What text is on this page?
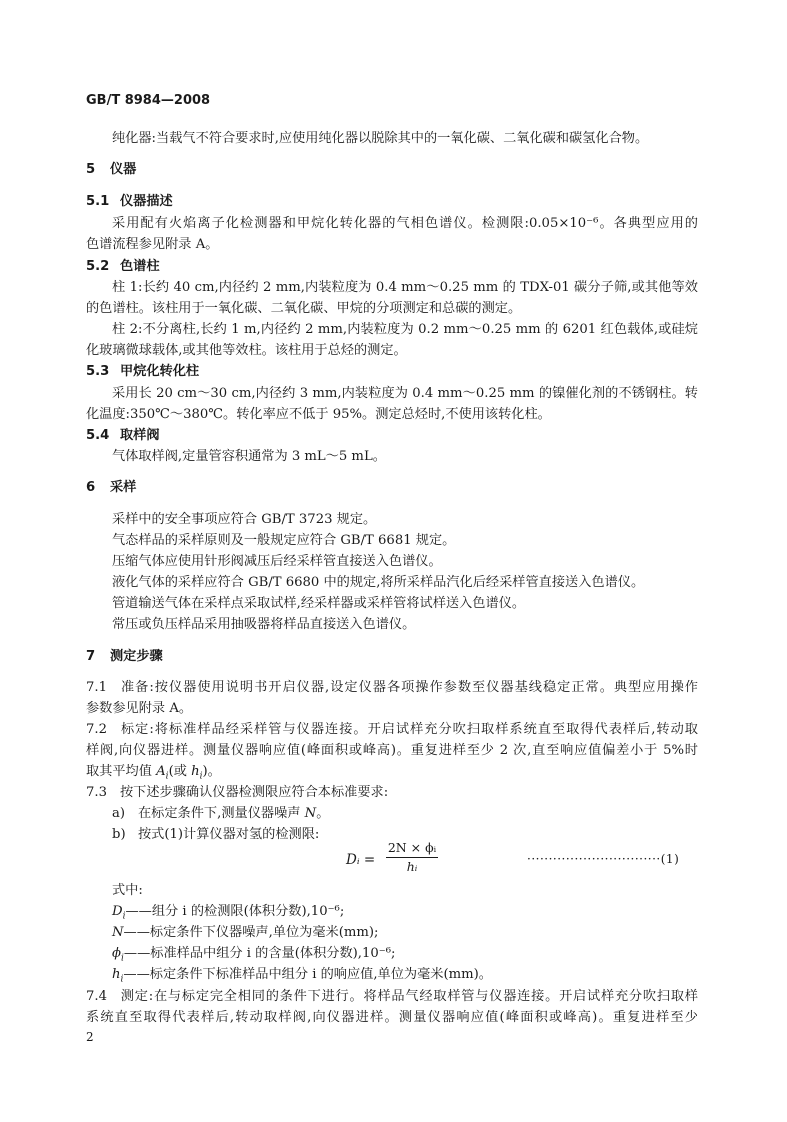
GB/T 8984—2008
纯化器:当载气不符合要求时,应使用纯化器以脱除其中的一氧化碳、二氧化碳和碳氢化合物。
5 仪器
5.1 仪器描述
采用配有火焰离子化检测器和甲烷化转化器的气相色谱仪。检测限:0.05×10⁻⁶。各典型应用的
色谱流程参见附录 A。
5.2 色谱柱
柱 1:长约 40 cm,内径约 2 mm,内装粒度为 0.4 mm～0.25 mm 的 TDX-01 碳分子筛,或其他等效
的色谱柱。该柱用于一氧化碳、二氧化碳、甲烷的分项测定和总碳的测定。
柱 2:不分离柱,长约 1 m,内径约 2 mm,内装粒度为 0.2 mm～0.25 mm 的 6201 红色载体,或硅烷
化玻璃微球载体,或其他等效柱。该柱用于总烃的测定。
5.3 甲烷化转化柱
采用长 20 cm～30 cm,内径约 3 mm,内装粒度为 0.4 mm～0.25 mm 的镍催化剂的不锈钢柱。转
化温度:350℃～380℃。转化率应不低于 95%。测定总烃时,不使用该转化柱。
5.4 取样阀
气体取样阀,定量管容积通常为 3 mL～5 mL。
6 采样
采样中的安全事项应符合 GB/T 3723 规定。
气态样品的采样原则及一般规定应符合 GB/T 6681 规定。
压缩气体应使用针形阀减压后经采样管直接送入色谱仪。
液化气体的采样应符合 GB/T 6680 中的规定,将所采样品汽化后经采样管直接送入色谱仪。
管道输送气体在采样点采取试样,经采样器或采样管将试样送入色谱仪。
常压或负压样品采用抽吸器将样品直接送入色谱仪。
7 测定步骤
7.1 准备:按仪器使用说明书开启仪器,设定仪器各项操作参数至仪器基线稳定正常。典型应用操作
参数参见附录 A。
7.2 标定:将标准样品经采样管与仪器连接。开启试样充分吹扫取样系统直至取得代表样后,转动取
样阀,向仪器进样。测量仪器响应值(峰面积或峰高)。重复进样至少 2 次,直至响应值偏差小于 5%时
取其平均值 $A_i$(或 $h_i$)。
7.3 按下述步骤确认仪器检测限应符合本标准要求:
a) 在标定条件下,测量仪器噪声 N。
b) 按式(1)计算仪器对氢的检测限:
Dᵢ =
2N × ϕᵢ
hᵢ	·······························(1)
式中:
$D_i——$组分 i 的检测限(体积分数),10⁻⁶;
N——标定条件下仪器噪声,单位为毫米(mm);
$\phi_i——$标准样品中组分 i 的含量(体积分数),10⁻⁶;
$h_i——$标定条件下标准样品中组分 i 的响应值,单位为毫米(mm)。
7.4 测定:在与标定完全相同的条件下进行。将样品气经取样管与仪器连接。开启试样充分吹扫取样
系统直至取得代表样后,转动取样阀,向仪器进样。测量仪器响应值(峰面积或峰高)。重复进样至少
2
